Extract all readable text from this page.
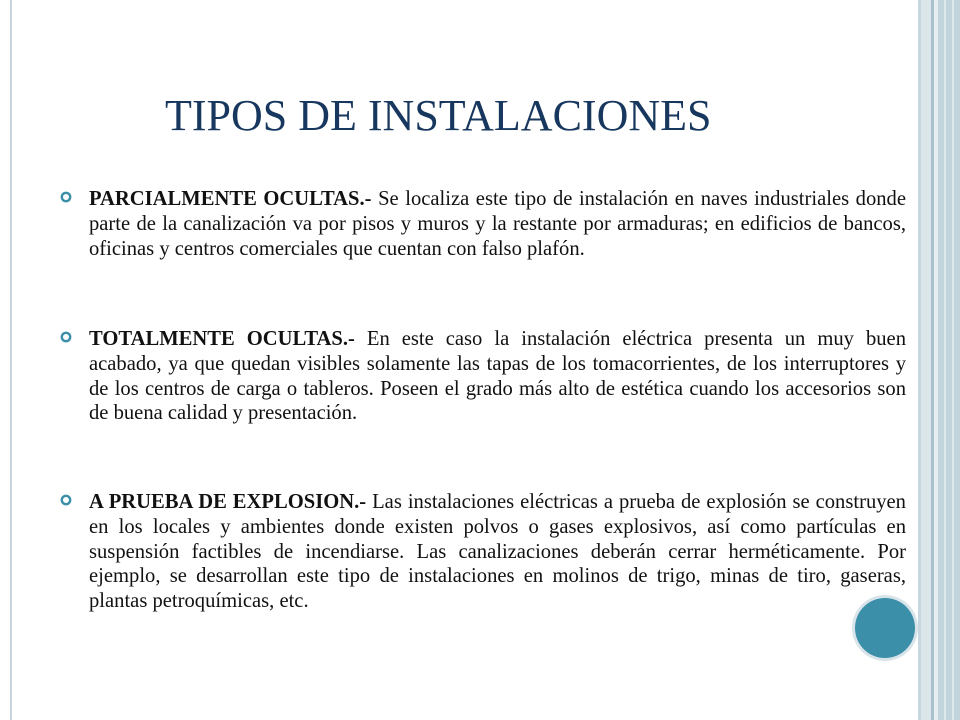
TIPOS DE INSTALACIONES
PARCIALMENTE OCULTAS.- Se localiza este tipo de instalación en naves industriales donde parte de la canalización va por pisos y muros y la restante por armaduras; en edificios de bancos, oficinas y centros comerciales que cuentan con falso plafón.
TOTALMENTE OCULTAS.- En este caso la instalación eléctrica presenta un muy buen acabado, ya que quedan visibles solamente las tapas de los tomacorrientes, de los interruptores y de los centros de carga o tableros. Poseen el grado más alto de estética cuando los accesorios son de buena calidad y presentación.
A PRUEBA DE EXPLOSION.- Las instalaciones eléctricas a prueba de explosión se construyen en los locales y ambientes donde existen polvos o gases explosivos, así como partículas en suspensión factibles de incendiarse. Las canalizaciones deberán cerrar herméticamente. Por ejemplo, se desarrollan este tipo de instalaciones en molinos de trigo, minas de tiro, gaseras, plantas petroquímicas, etc.
